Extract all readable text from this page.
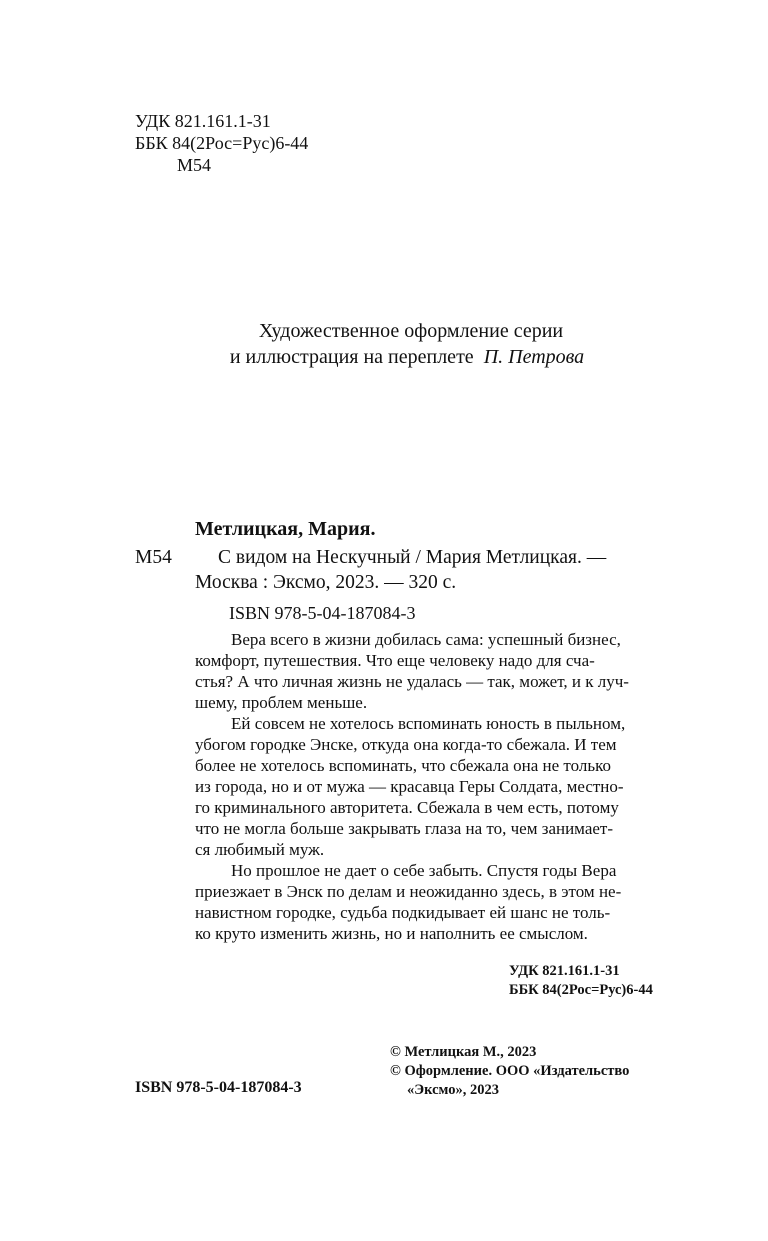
УДК 821.161.1-31
ББК 84(2Рос=Рус)6-44
М54
Художественное оформление серии
и иллюстрация на переплете П. Петрова
Метлицкая, Мария.
М54 С видом на Нескучный / Мария Метлицкая. —
Москва : Эксмо, 2023. — 320 с.
ISBN 978-5-04-187084-3
Вера всего в жизни добилась сама: успешный бизнес,
комфорт, путешествия. Что еще человеку надо для сча-
стья? А что личная жизнь не удалась — так, может, и к луч-
шему, проблем меньше.
Ей совсем не хотелось вспоминать юность в пыльном,
убогом городке Энске, откуда она когда-то сбежала. И тем
более не хотелось вспоминать, что сбежала она не только
из города, но и от мужа — красавца Геры Солдата, местно-
го криминального авторитета. Сбежала в чем есть, потому
что не могла больше закрывать глаза на то, чем занимает-
ся любимый муж.
Но прошлое не дает о себе забыть. Спустя годы Вера
приезжает в Энск по делам и неожиданно здесь, в этом не-
навистном городке, судьба подкидывает ей шанс не толь-
ко круто изменить жизнь, но и наполнить ее смыслом.
УДК 821.161.1-31
ББК 84(2Рос=Рус)6-44
© Метлицкая М., 2023
© Оформление. ООО «Издательство
«Эксмо», 2023
ISBN 978-5-04-187084-3
